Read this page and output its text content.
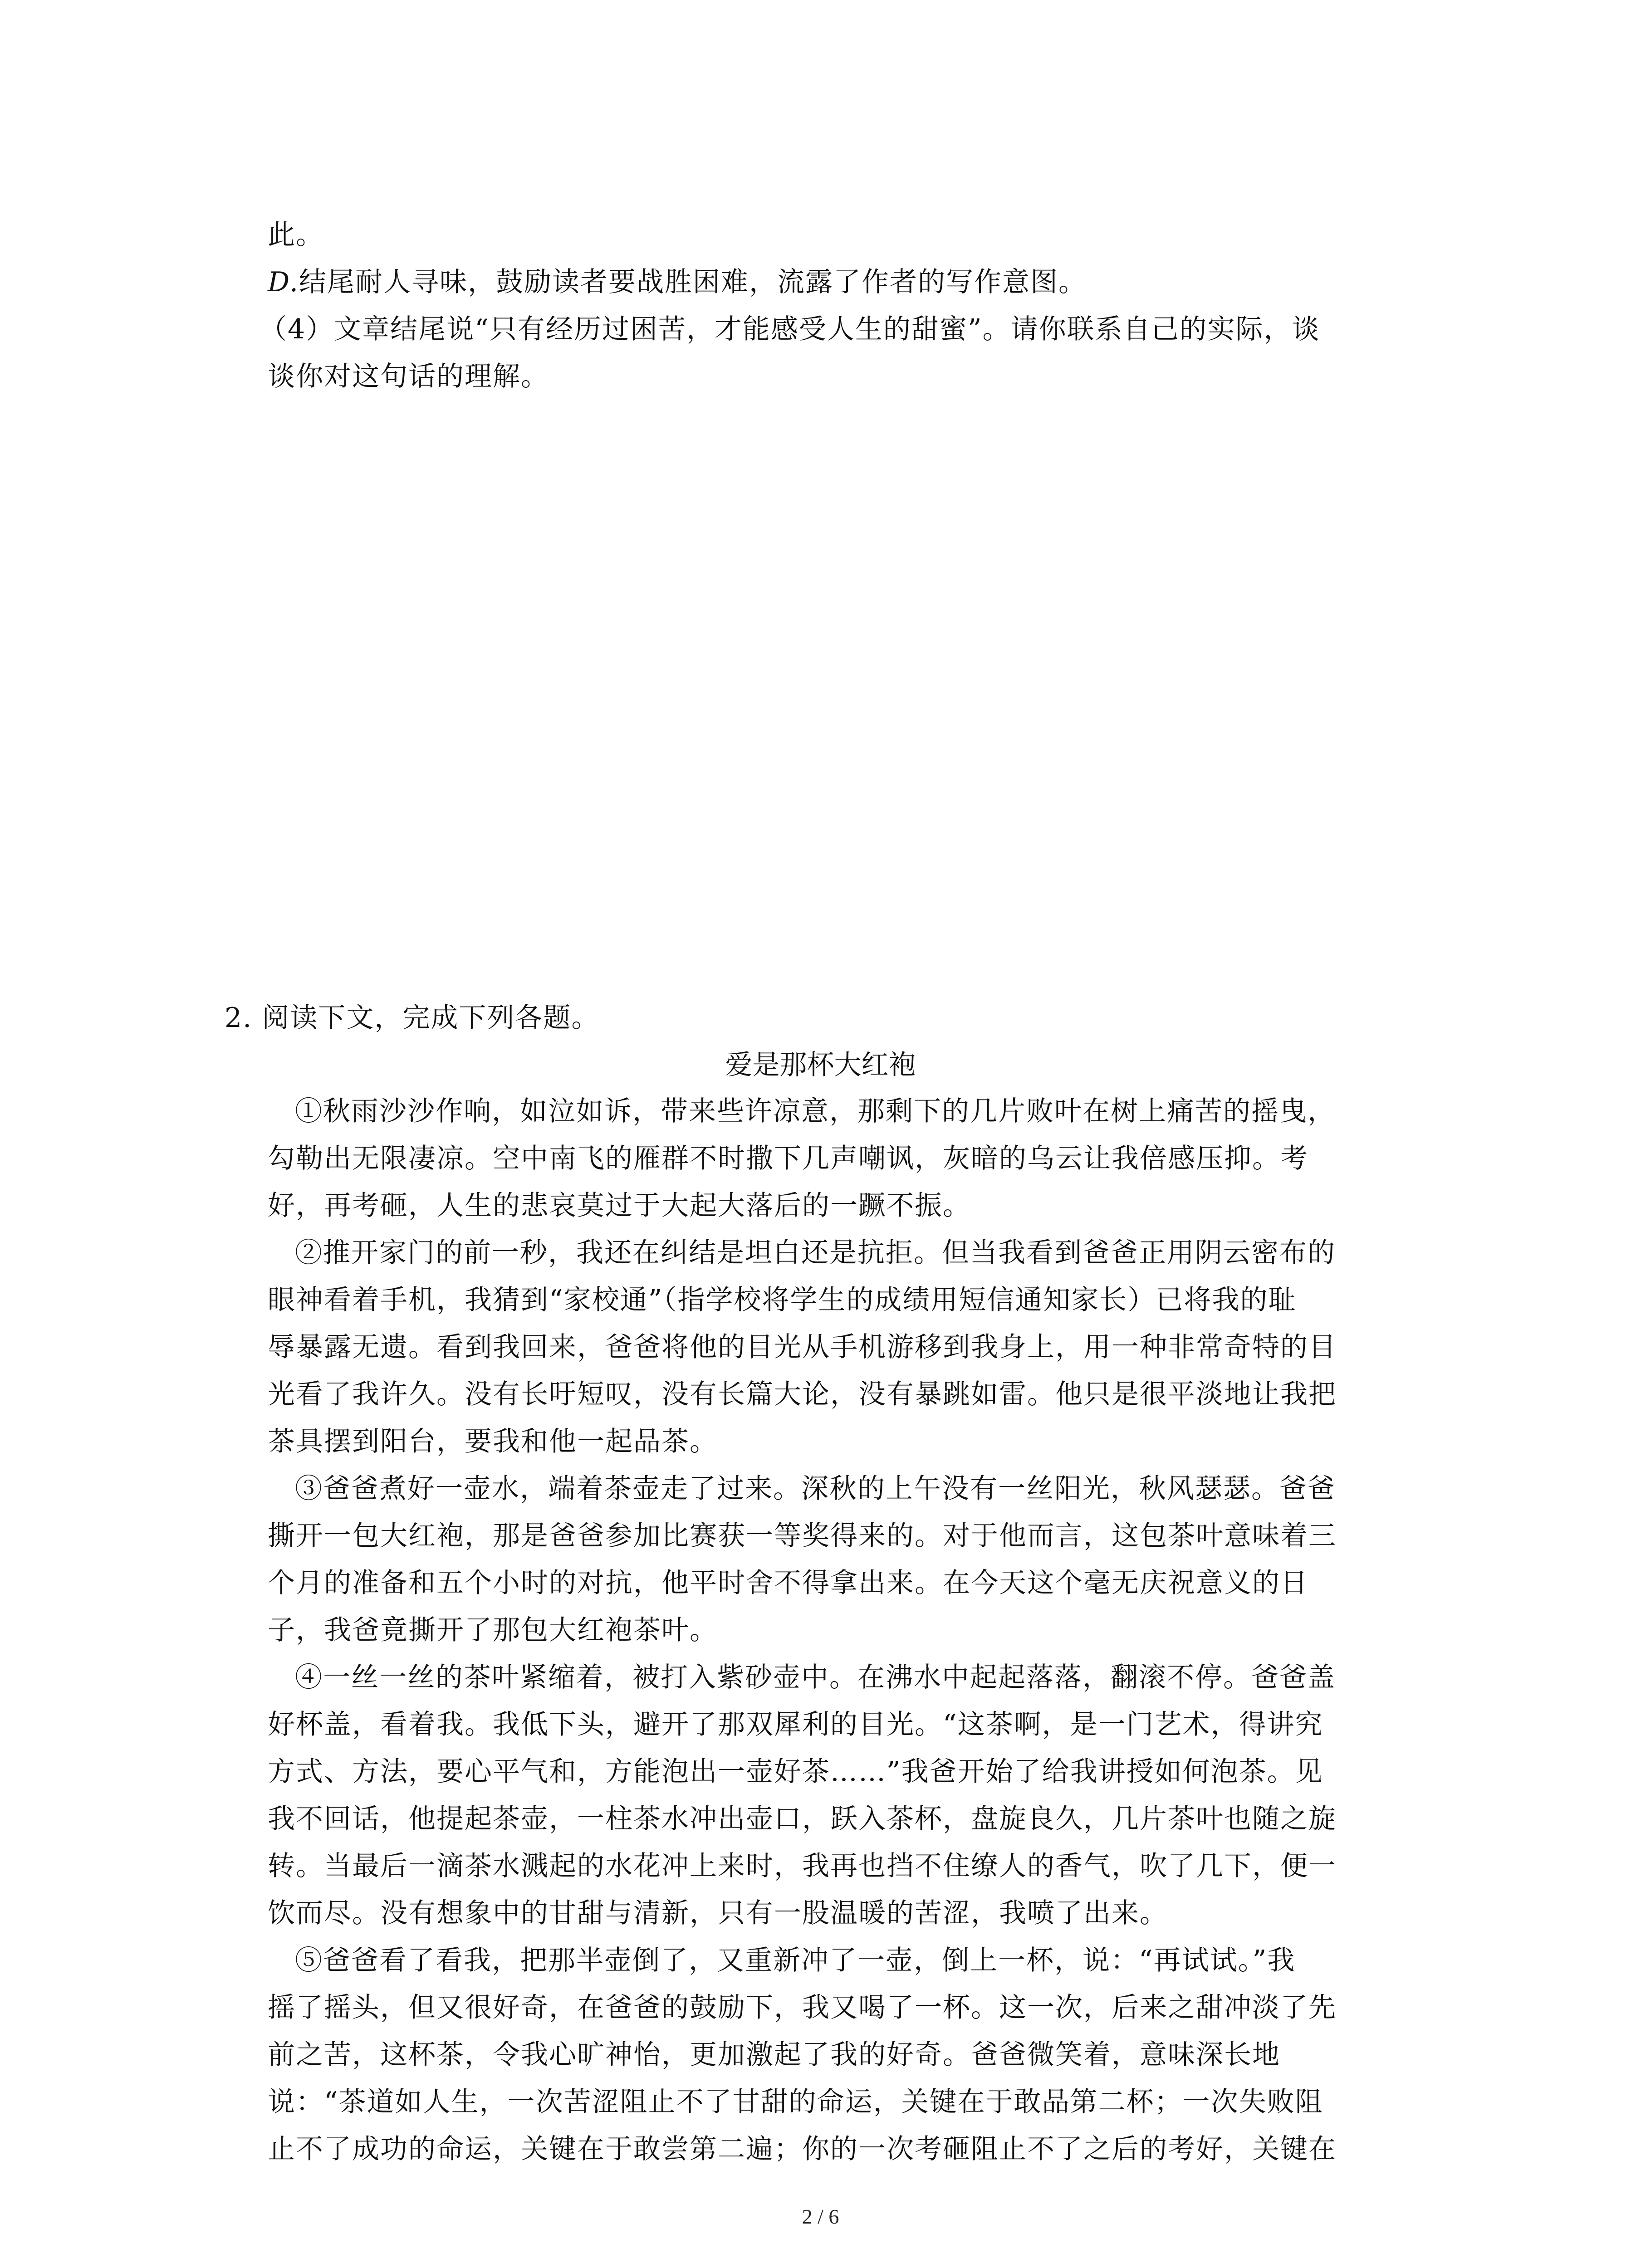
此。
D.结尾耐人寻味，鼓励读者要战胜困难，流露了作者的写作意图。
（4）文章结尾说“只有经历过困苦，才能感受人生的甜蜜”。请你联系自己的实际，谈
谈你对这句话的理解。
2. 阅读下文，完成下列各题。
爱是那杯大红袍
①秋雨沙沙作响，如泣如诉，带来些许凉意，那剩下的几片败叶在树上痛苦的摇曳，
勾勒出无限凄凉。空中南飞的雁群不时撒下几声嘲讽，灰暗的乌云让我倍感压抑。考
好，再考砸，人生的悲哀莫过于大起大落后的一蹶不振。
②推开家门的前一秒，我还在纠结是坦白还是抗拒。但当我看到爸爸正用阴云密布的
眼神看着手机，我猜到“家校通”（指学校将学生的成绩用短信通知家长）已将我的耻
辱暴露无遗。看到我回来，爸爸将他的目光从手机游移到我身上，用一种非常奇特的目
光看了我许久。没有长吁短叹，没有长篇大论，没有暴跳如雷。他只是很平淡地让我把
茶具摆到阳台，要我和他一起品茶。
③爸爸煮好一壶水，端着茶壶走了过来。深秋的上午没有一丝阳光，秋风瑟瑟。爸爸
撕开一包大红袍，那是爸爸参加比赛获一等奖得来的。对于他而言，这包茶叶意味着三
个月的准备和五个小时的对抗，他平时舍不得拿出来。在今天这个毫无庆祝意义的日
子，我爸竟撕开了那包大红袍茶叶。
④一丝一丝的茶叶紧缩着，被打入紫砂壶中。在沸水中起起落落，翻滚不停。爸爸盖
好杯盖，看着我。我低下头，避开了那双犀利的目光。“这茶啊，是一门艺术，得讲究
方式、方法，要心平气和，方能泡出一壶好茶……”我爸开始了给我讲授如何泡茶。见
我不回话，他提起茶壶，一柱茶水冲出壶口，跃入茶杯，盘旋良久，几片茶叶也随之旋
转。当最后一滴茶水溅起的水花冲上来时，我再也挡不住缭人的香气，吹了几下，便一
饮而尽。没有想象中的甘甜与清新，只有一股温暖的苦涩，我喷了出来。
⑤爸爸看了看我，把那半壶倒了，又重新冲了一壶，倒上一杯，说：“再试试。”我
摇了摇头，但又很好奇，在爸爸的鼓励下，我又喝了一杯。这一次，后来之甜冲淡了先
前之苦，这杯茶，令我心旷神怡，更加激起了我的好奇。爸爸微笑着，意味深长地
说：“茶道如人生，一次苦涩阻止不了甘甜的命运，关键在于敢品第二杯；一次失败阻
止不了成功的命运，关键在于敢尝第二遍；你的一次考砸阻止不了之后的考好，关键在
2 / 6
